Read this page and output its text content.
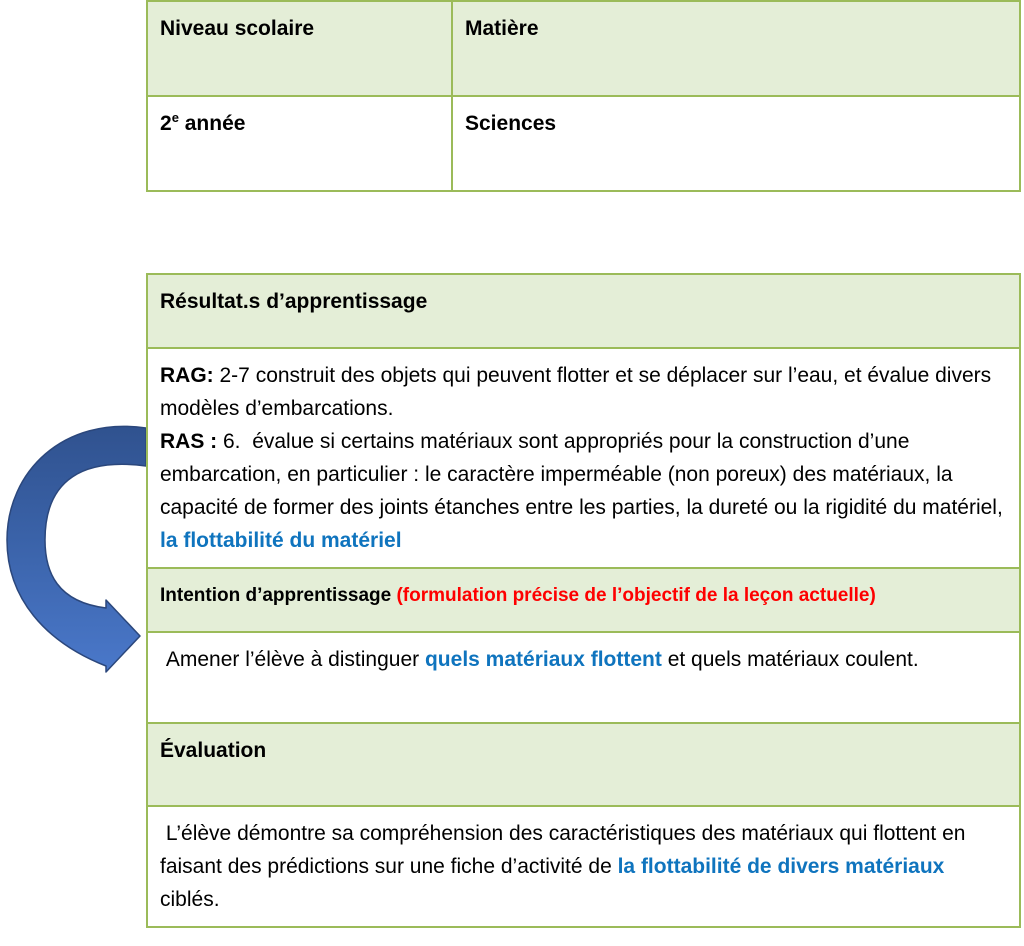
Niveau scolaire	Matière

2e année	Sciences

Résultat.s d’apprentissage

RAG: 2-7 construit des objets qui peuvent flotter et se déplacer sur l’eau, et évalue divers modèles d’embarcations.

RAS : 6.  évalue si certains matériaux sont appropriés pour la construction d’une embarcation, en particulier : le caractère imperméable (non poreux) des matériaux, la capacité de former des joints étanches entre les parties, la dureté ou la rigidité du matériel, la flottabilité du matériel

Intention d’apprentissage (formulation précise de l’objectif de la leçon actuelle)

Amener l’élève à distinguer quels matériaux flottent et quels matériaux coulent.

Évaluation

L’élève démontre sa compréhension des caractéristiques des matériaux qui flottent en faisant des prédictions sur une fiche d’activité de la flottabilité de divers matériaux ciblés.
